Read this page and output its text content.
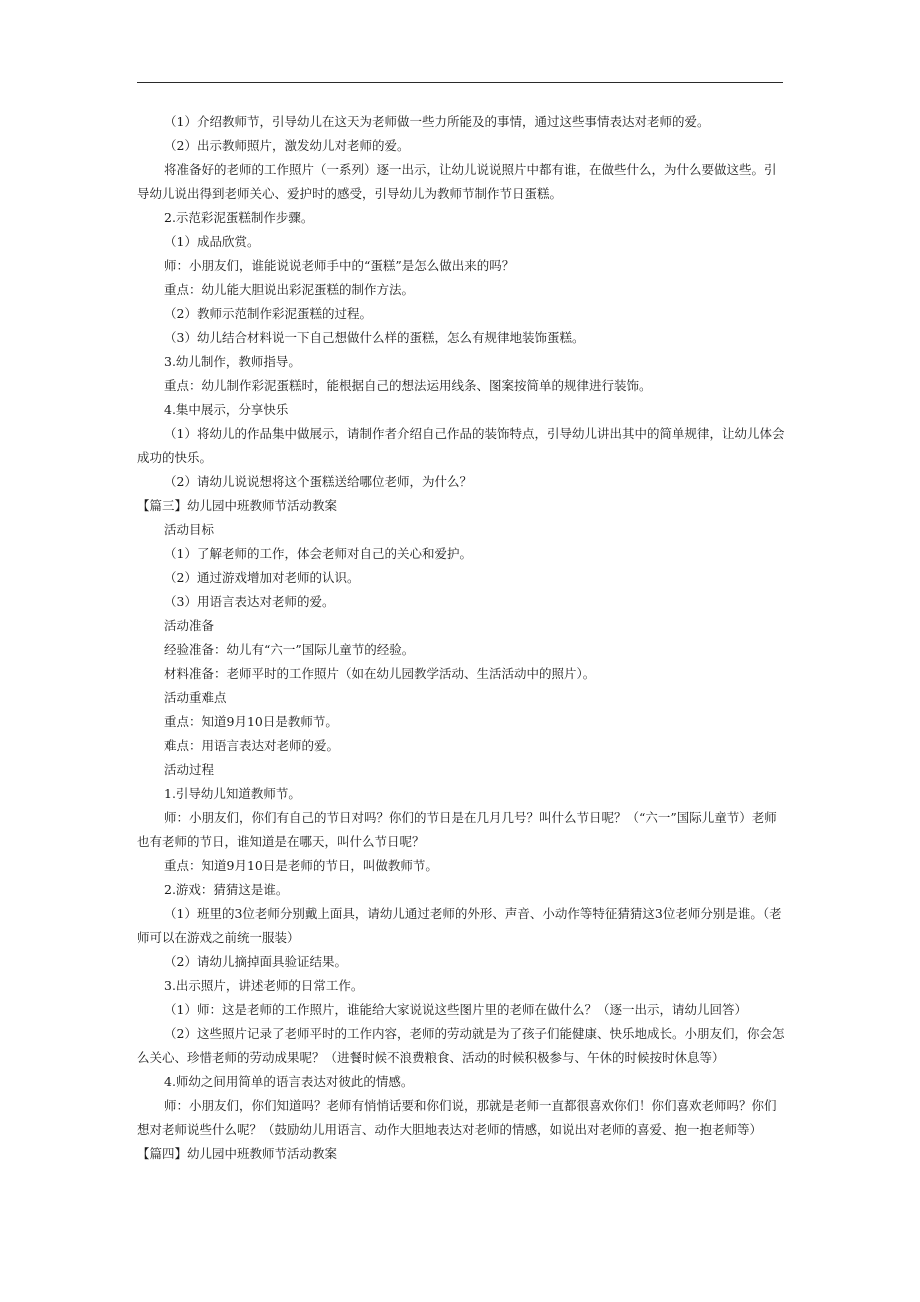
（1）介绍教师节，引导幼儿在这天为老师做一些力所能及的事情，通过这些事情表达对老师的爱。

（2）出示教师照片，激发幼儿对老师的爱。

将准备好的老师的工作照片（一系列）逐一出示，让幼儿说说照片中都有谁，在做些什么，为什么要做这些。引导幼儿说出得到老师关心、爱护时的感受，引导幼儿为教师节制作节日蛋糕。

2.示范彩泥蛋糕制作步骤。

（1）成品欣赏。

师：小朋友们，谁能说说老师手中的“蛋糕”是怎么做出来的吗？

重点：幼儿能大胆说出彩泥蛋糕的制作方法。

（2）教师示范制作彩泥蛋糕的过程。

（3）幼儿结合材料说一下自己想做什么样的蛋糕，怎么有规律地装饰蛋糕。

3.幼儿制作，教师指导。

重点：幼儿制作彩泥蛋糕时，能根据自己的想法运用线条、图案按简单的规律进行装饰。

4.集中展示，分享快乐

（1）将幼儿的作品集中做展示，请制作者介绍自己作品的装饰特点，引导幼儿讲出其中的简单规律，让幼儿体会成功的快乐。

（2）请幼儿说说想将这个蛋糕送给哪位老师，为什么？

【篇三】幼儿园中班教师节活动教案

活动目标

（1）了解老师的工作，体会老师对自己的关心和爱护。

（2）通过游戏增加对老师的认识。

（3）用语言表达对老师的爱。

活动准备

经验准备：幼儿有“六一”国际儿童节的经验。

材料准备：老师平时的工作照片（如在幼儿园教学活动、生活活动中的照片）。

活动重难点

重点：知道9月10日是教师节。

难点：用语言表达对老师的爱。

活动过程

1.引导幼儿知道教师节。

师：小朋友们，你们有自己的节日对吗？你们的节日是在几月几号？叫什么节日呢？（“六一”国际儿童节）老师也有老师的节日，谁知道是在哪天，叫什么节日呢？

重点：知道9月10日是老师的节日，叫做教师节。

2.游戏：猜猜这是谁。

（1）班里的3位老师分别戴上面具，请幼儿通过老师的外形、声音、小动作等特征猜猜这3位老师分别是谁。（老师可以在游戏之前统一服装）

（2）请幼儿摘掉面具验证结果。

3.出示照片，讲述老师的日常工作。

（1）师：这是老师的工作照片，谁能给大家说说这些图片里的老师在做什么？（逐一出示，请幼儿回答）

（2）这些照片记录了老师平时的工作内容，老师的劳动就是为了孩子们能健康、快乐地成长。小朋友们，你会怎么关心、珍惜老师的劳动成果呢？（进餐时候不浪费粮食、活动的时候积极参与、午休的时候按时休息等）

4.师幼之间用简单的语言表达对彼此的情感。

师：小朋友们，你们知道吗？老师有悄悄话要和你们说，那就是老师一直都很喜欢你们！你们喜欢老师吗？你们想对老师说些什么呢？（鼓励幼儿用语言、动作大胆地表达对老师的情感，如说出对老师的喜爱、抱一抱老师等）

【篇四】幼儿园中班教师节活动教案
